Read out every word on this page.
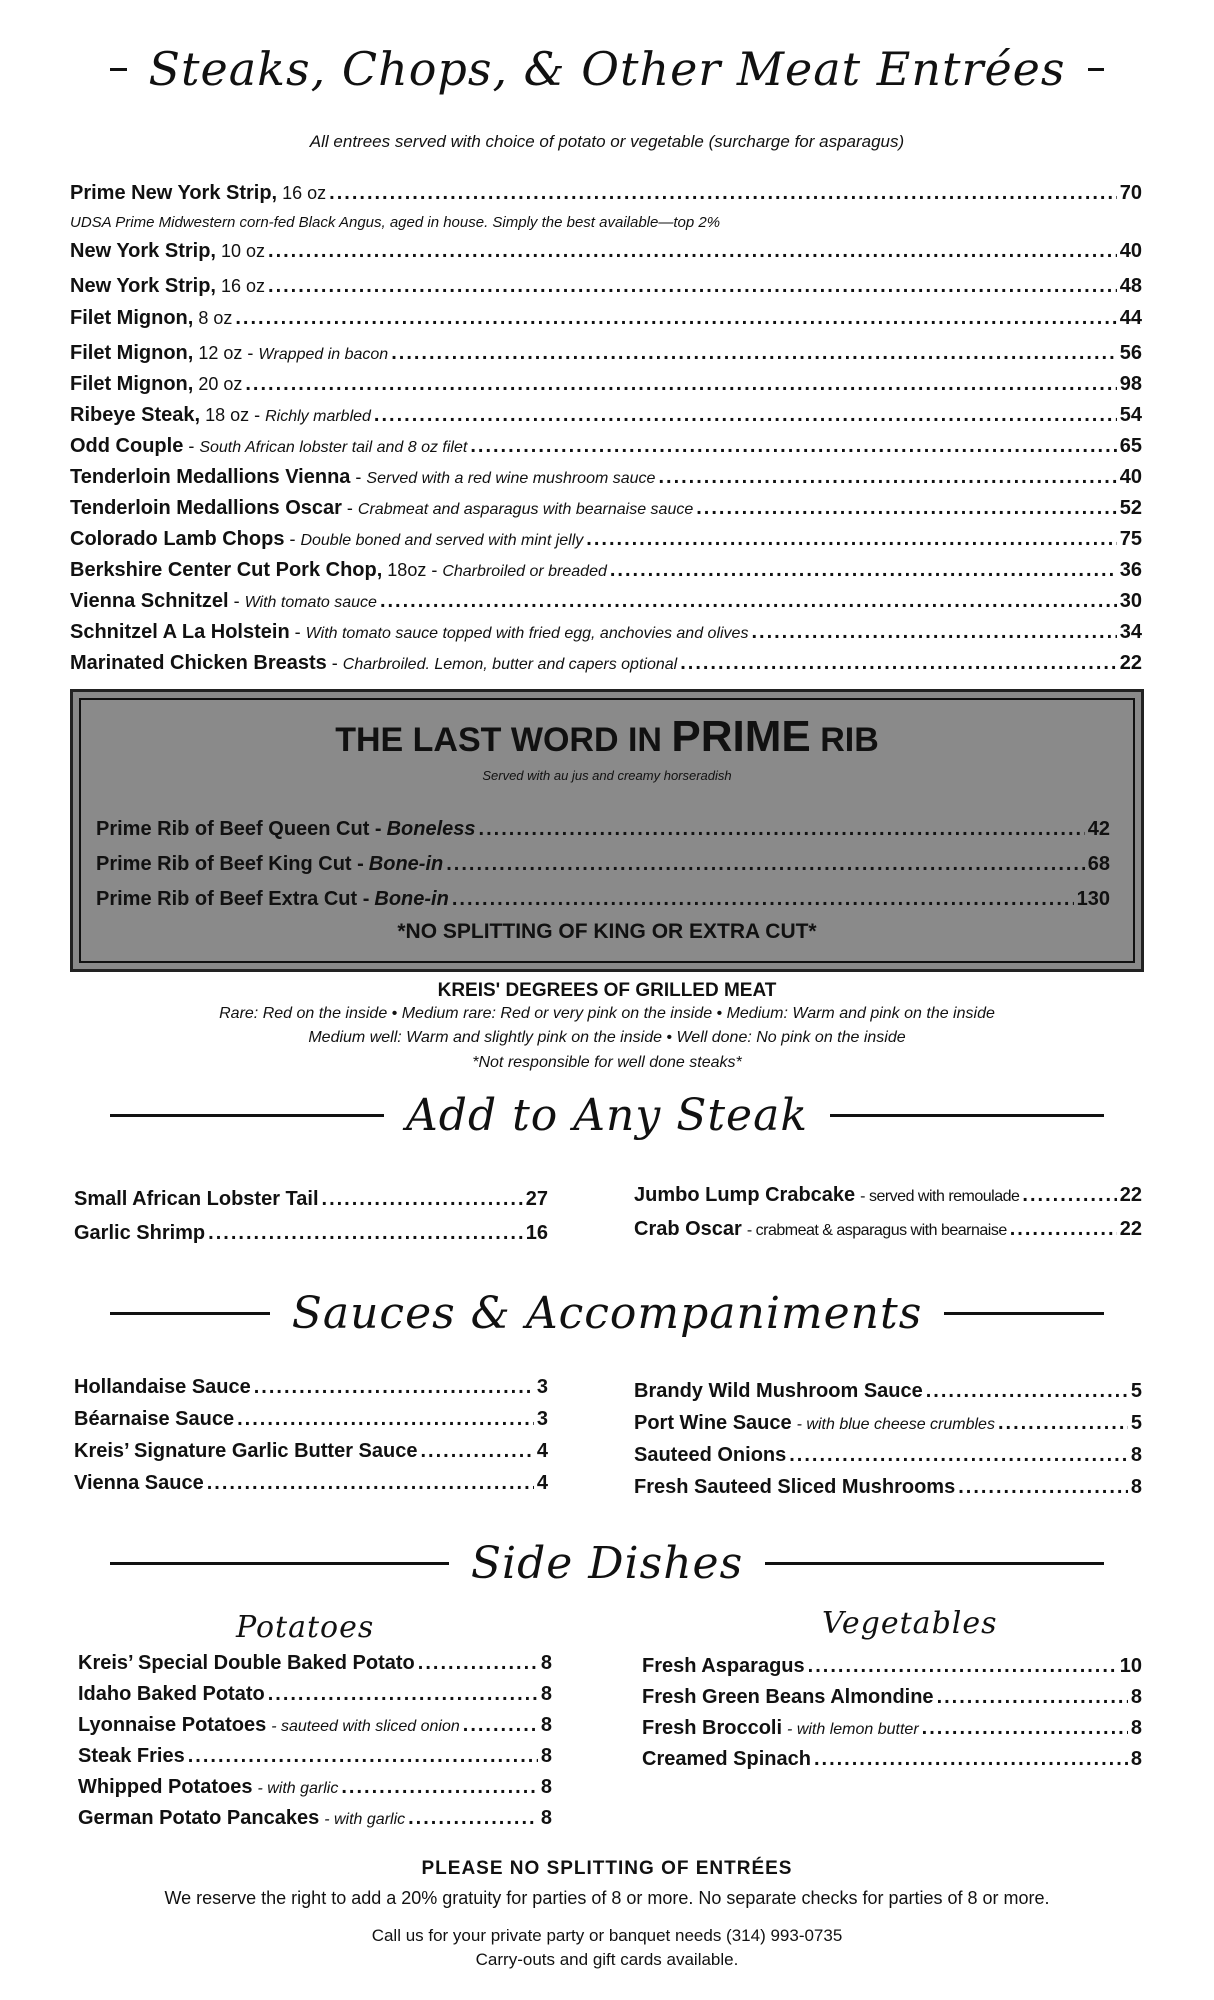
Steaks, Chops, & Other Meat Entrées
All entrees served with choice of potato or vegetable (surcharge for asparagus)
Prime New York Strip, 16 oz .....	70
UDSA Prime Midwestern corn-fed Black Angus, aged in house. Simply the best available—top 2%
New York Strip, 10 oz .....	40
New York Strip, 16 oz .....	48
Filet Mignon, 8 oz .....	44
Filet Mignon, 12 oz - Wrapped in bacon .....	56
Filet Mignon, 20 oz .....	98
Ribeye Steak, 18 oz - Richly marbled .....	54
Odd Couple - South African lobster tail and 8 oz filet .....	65
Tenderloin Medallions Vienna - Served with a red wine mushroom sauce .....	40
Tenderloin Medallions Oscar - Crabmeat and asparagus with bearnaise sauce .....	52
Colorado Lamb Chops - Double boned and served with mint jelly .....	75
Berkshire Center Cut Pork Chop, 18oz - Charbroiled or breaded .....	36
Vienna Schnitzel - With tomato sauce .....	30
Schnitzel A La Holstein - With tomato sauce topped with fried egg, anchovies and olives .....	34
Marinated Chicken Breasts - Charbroiled. Lemon, butter and capers optional .....	22
THE LAST WORD IN PRIME RIB
Served with au jus and creamy horseradish
Prime Rib of Beef Queen Cut - Boneless .....	42
Prime Rib of Beef King Cut - Bone-in .....	68
Prime Rib of Beef Extra Cut - Bone-in .....	130
*NO SPLITTING OF KING OR EXTRA CUT*
KREIS' DEGREES OF GRILLED MEAT
Rare: Red on the inside • Medium rare: Red or very pink on the inside • Medium: Warm and pink on the inside
Medium well: Warm and slightly pink on the inside • Well done: No pink on the inside
*Not responsible for well done steaks*
Add to Any Steak
Small African Lobster Tail .....	27
Garlic Shrimp .....	16
Jumbo Lump Crabcake - served with remoulade .....	22
Crab Oscar - crabmeat & asparagus with bearnaise .....	22
Sauces & Accompaniments
Hollandaise Sauce .....	3
Béarnaise Sauce .....	3
Kreis’ Signature Garlic Butter Sauce .....	4
Vienna Sauce .....	4
Brandy Wild Mushroom Sauce .....	5
Port Wine Sauce - with blue cheese crumbles .....	5
Sauteed Onions .....	8
Fresh Sauteed Sliced Mushrooms .....	8
Side Dishes
Potatoes	Vegetables
Kreis’ Special Double Baked Potato .....	8
Idaho Baked Potato .....	8
Lyonnaise Potatoes - sauteed with sliced onion .....	8
Steak Fries .....	8
Whipped Potatoes - with garlic .....	8
German Potato Pancakes - with garlic .....	8
Fresh Asparagus .....	10
Fresh Green Beans Almondine .....	8
Fresh Broccoli - with lemon butter .....	8
Creamed Spinach .....	8
PLEASE NO SPLITTING OF ENTRÉES
We reserve the right to add a 20% gratuity for parties of 8 or more. No separate checks for parties of 8 or more.
Call us for your private party or banquet needs (314) 993-0735
Carry-outs and gift cards available.
